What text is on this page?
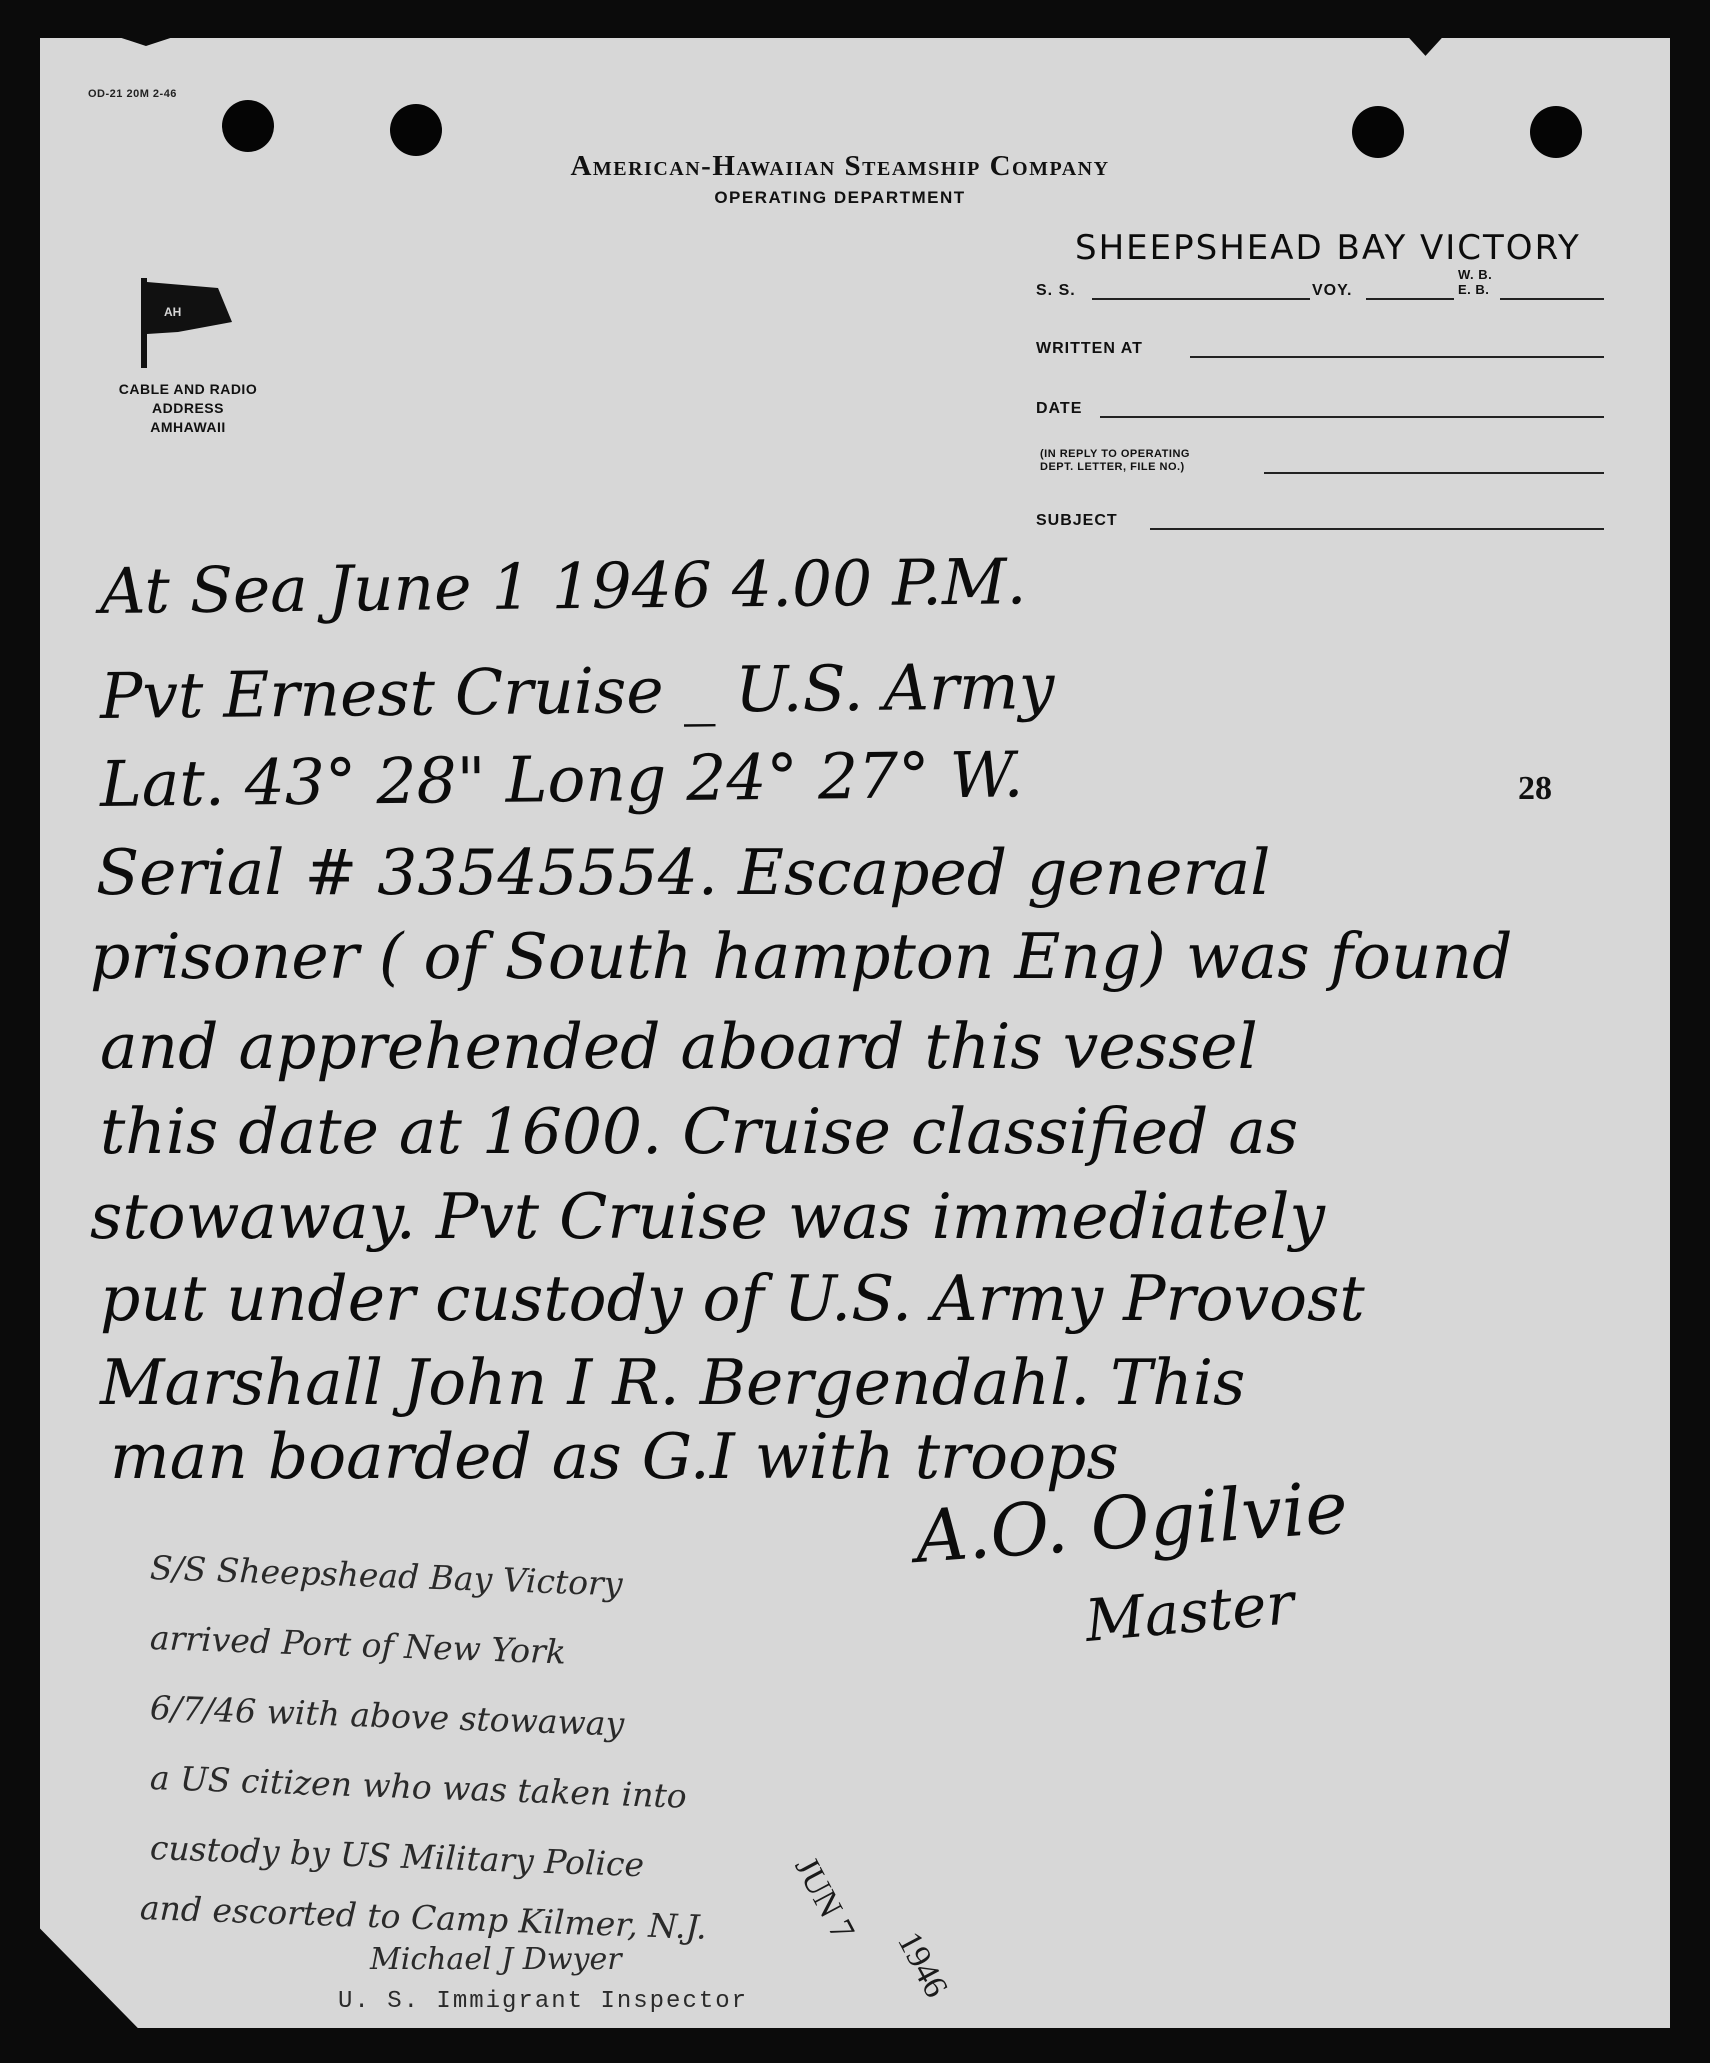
OD-21 20M 2-46
American-Hawaiian Steamship Company
OPERATING DEPARTMENT
AH
CABLE AND RADIO
ADDRESS
AMHAWAII
SHEEPSHEAD BAY VICTORY
S. S.	VOY.
W. B.
E. B.
WRITTEN AT
DATE
(IN REPLY TO OPERATING
DEPT. LETTER, FILE NO.)
SUBJECT
28
At Sea June 1 1946 4.00 P.M.
Pvt Ernest Cruise _ U.S. Army
Lat. 43° 28" Long 24° 27° W.
Serial # 33545554. Escaped general
prisoner ( of South hampton Eng) was found
and apprehended aboard this vessel
this date at 1600. Cruise classified as
stowaway. Pvt Cruise was immediately
put under custody of U.S. Army Provost
Marshall John I R. Bergendahl. This
man boarded as G.I with troops
A.O. Ogilvie
Master
S/S Sheepshead Bay Victory
arrived Port of New York
6/7/46 with above stowaway
a US citizen who was taken into
custody by US Military Police
and escorted to Camp Kilmer, N.J.
Michael J Dwyer
JUN 7
1946
U. S. Immigrant Inspector
